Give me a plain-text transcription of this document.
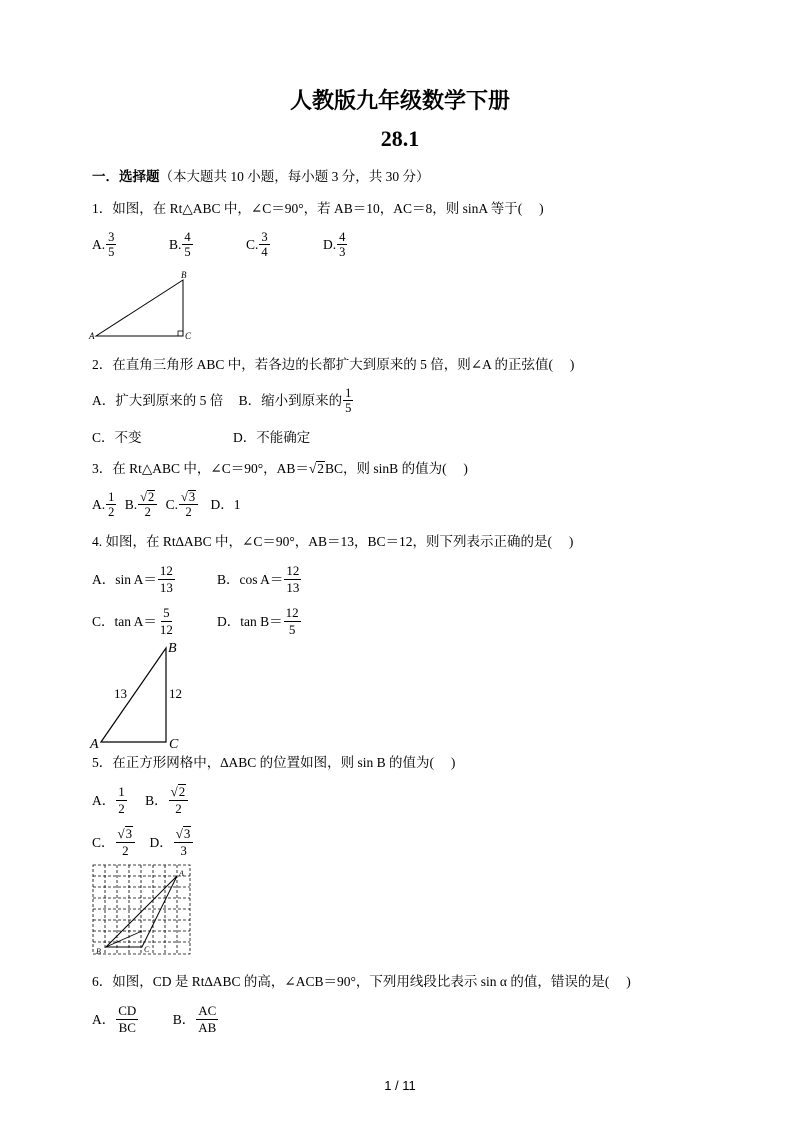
人教版九年级数学下册
28.1
一．选择题（本大题共 10 小题，每小题 3 分，共 30 分）
1．如图，在 Rt△ABC 中，∠C＝90°，若 AB＝10，AC＝8，则 sinA 等于(　 )
A. $\frac{3}{5}$	B. $\frac{4}{5}$	C. $\frac{3}{4}$	D. $\frac{4}{3}$
A
B
C
2．在直角三角形 ABC 中，若各边的长都扩大到原来的 5 倍，则∠A 的正弦值(　 )
A．扩大到原来的 5 倍 B．缩小到原来的 $\frac{1}{5}$
C．不变	D．不能确定
3．在 Rt△ABC 中，∠C＝90°，AB＝√2BC，则 sinB 的值为(　 )
A. $\frac{1}{2}$
B. $\frac{√2}{2}$
C. $\frac{√3}{2}$ D．1
4. 如图，在 Rt∆ABC 中，∠C＝90°，AB＝13，BC＝12，则下列表示正确的是(　 )
A．$\sin A= \frac{12}{13}$	B．$\cos A= \frac{12}{13}$
C．$\tan A= \frac{5}{12}$	D．$\tan B= \frac{12}{5}$
A
B
C
13	12
5．在正方形网格中，∆ABC 的位置如图，则 sin B 的值为(　 )
A． $\frac{1}{2}$
B． $\frac{√2}{2}$
C． $\frac{√3}{2}$
D． $\frac{√3}{3}$
B
A
C
6．如图，CD 是 Rt∆ABC 的高，∠ACB＝90°，下列用线段比表示 sin α 的值，错误的是(　 )
A． $\frac{CD}{BC}$
	B． $\frac{AC}{AB}$
1 / 11
